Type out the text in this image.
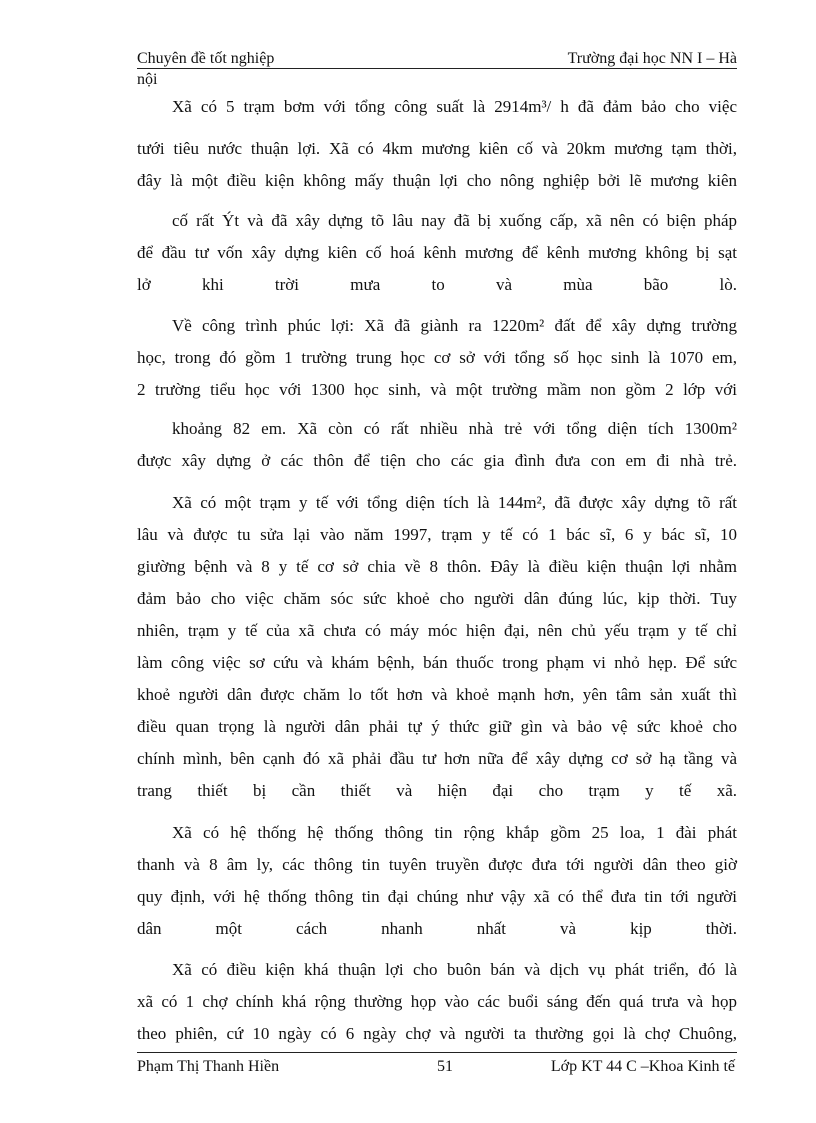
Chuyên đề tốt nghiệp	Trường đại học NN I – Hà
nội
Xã có 5 trạm bơm với tổng công suất là 2914m³/ h đã đảm bảo cho việc
tưới tiêu nước thuận lợi. Xã có 4km mương kiên cố và 20km mương tạm thời,
đây là một điều kiện không mấy thuận lợi cho nông nghiệp bởi lẽ mương kiên
cố rất Ýt và đã xây dựng tõ lâu nay đã bị xuống cấp, xã nên có biện pháp
để đầu tư vốn xây dựng kiên cố hoá kênh mương để kênh mương không bị sạt
lở khi trời mưa to và mùa bão lò.
Về công trình phúc lợi: Xã đã giành ra 1220m² đất để xây dựng trường
học, trong đó gồm 1 trường trung học cơ sở với tổng số học sinh là 1070 em,
2 trường tiểu học với 1300 học sinh, và một trường mầm non gồm 2 lớp với
khoảng 82 em. Xã còn có rất nhiều nhà trẻ với tổng diện tích 1300m²
được xây dựng ở các thôn để tiện cho các gia đình đưa con em đi nhà trẻ.
Xã có một trạm y tế với tổng diện tích là 144m², đã được xây dựng tõ rất
lâu và được tu sửa lại vào năm 1997, trạm y tế có 1 bác sĩ, 6 y bác sĩ, 10
giường bệnh và 8 y tế cơ sở chia về 8 thôn. Đây là điều kiện thuận lợi nhằm
đảm bảo cho việc chăm sóc sức khoẻ cho người dân đúng lúc, kịp thời. Tuy
nhiên, trạm y tế của xã chưa có máy móc hiện đại, nên chủ yếu trạm y tế chỉ
làm công việc sơ cứu và khám bệnh, bán thuốc trong phạm vi nhỏ hẹp. Để sức
khoẻ người dân được chăm lo tốt hơn và khoẻ mạnh hơn, yên tâm sản xuất thì
điều quan trọng là người dân phải tự ý thức giữ gìn và bảo vệ sức khoẻ cho
chính mình, bên cạnh đó xã phải đầu tư hơn nữa để xây dựng cơ sở hạ tầng và
trang thiết bị cần thiết và hiện đại cho trạm y tế xã.
Xã có hệ thống hệ thống thông tin rộng khắp gồm 25 loa, 1 đài phát
thanh và 8 âm ly, các thông tin tuyên truyền được đưa tới người dân theo giờ
quy định, với hệ thống thông tin đại chúng như vậy xã có thể đưa tin tới người
dân một cách nhanh nhất và kịp thời.
Xã có điều kiện khá thuận lợi cho buôn bán và dịch vụ phát triển, đó là
xã có 1 chợ chính khá rộng thường họp vào các buổi sáng đến quá trưa và họp
theo phiên, cứ 10 ngày có 6 ngày chợ và người ta thường gọi là chợ Chuông,
Phạm Thị Thanh Hiền	51	Lớp KT 44 C –Khoa Kinh tế
